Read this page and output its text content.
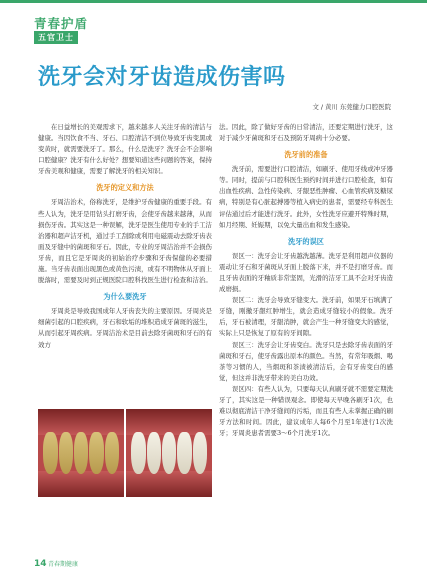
青春护盾
五官卫士
洗牙会对牙齿造成伤害吗
文 / 黄川 东莞健力口腔医院

在日益增长的美观需求下，越来越多人关注牙齿的清洁与健康。当因饮食不当、牙石、口腔清洁不到位导致牙齿变黑或变黄时，就需要洗牙了。那么，什么是洗牙？洗牙会不会影响口腔健康？洗牙有什么好处？想要知道这些问题的答案，保持牙齿美观和健康，需要了解洗牙的相关知识。

洗牙的定义和方法

牙周洁治术，俗称洗牙，是维护牙齿健康的重要手段。有些人认为，洗牙是用钻头打磨牙齿，会使牙齿越来越薄，从而损伤牙齿。其实这是一种误解，洗牙是医生使用专业的手工洁治器和超声洁牙机，通过手工刮除或利用电磁震动去除牙齿表面及牙缝中的菌斑和牙石。因此，专业的牙周洁治并不会损伤牙齿，而且它是牙周炎的初始治疗步骤和牙齿保健的必要措施。当牙齿表面出现黑色或黄色污渍，或有不明物体从牙面上脱落时，需要及时到正规医院口腔科找医生进行检查和洁治。

为什么要洗牙

牙周炎是导致我国成年人牙齿丧失的主要原因。牙周炎是细菌引起的口腔疾病，牙石和软垢的堆积造成牙菌斑的滋生，从而引起牙周疾病。牙周洁治术是目前去除牙菌斑和牙石的有效方

法。因此，除了做好牙齿的日常清洁，还要定期进行洗牙，这对于减少牙菌斑和牙石及预防牙周病十分必要。

洗牙前的准备

洗牙前，需要进行口腔清洁，如刷牙、使用牙线或冲牙器等。同时，提前与口腔科医生预约时间并进行口腔检查，如有出血性疾病、急性传染病、牙龈恶性肿瘤、心血管疾病及糖尿病，特别是有心脏起搏器等植入病史的患者，需要经专科医生评估通过后才能进行洗牙。此外，女性洗牙应避开特殊时期，如月经期、妊娠期，以免大量出血和发生感染。

洗牙的误区

误区一：洗牙会让牙齿越洗越薄。洗牙是利用超声仪器的震动让牙石和牙菌斑从牙面上脱落下来，并不是打磨牙齿。而且牙齿表面的牙釉质非常坚固，光滑的洁牙工具不会对牙齿造成磨损。

误区二：洗牙会导致牙缝变大。洗牙前，如果牙石填满了牙缝，刚撤牙龈红肿增生，就会造成牙缝较小的假象。洗牙后，牙石被清理，牙龈消肿，就会产生一种牙缝变大的感觉，实际上只是恢复了原有的牙间隙。

误区三：洗牙会让牙齿变白。洗牙只是去除牙齿表面的牙菌斑和牙石，使牙齿露出原本的颜色。当然，有常年吸烟、喝茶等习惯的人，当烟斑和茶渍被清洁后，会有牙齿变白的感觉，但这并非洗牙带来的美白功效。

误区四：有些人认为，只要每天认真刷牙就不需要定期洗牙了，其实这是一种错误观念。即使每天早晚各刷牙1次，也难以彻底清洁干净牙缝间的污垢，而且有些人未掌握正确的刷牙方法和时间。因此，建议成年人每6个月至1年进行1次洗牙；牙周炎患者需要3～6个月洗牙1次。

14 青春期健康
